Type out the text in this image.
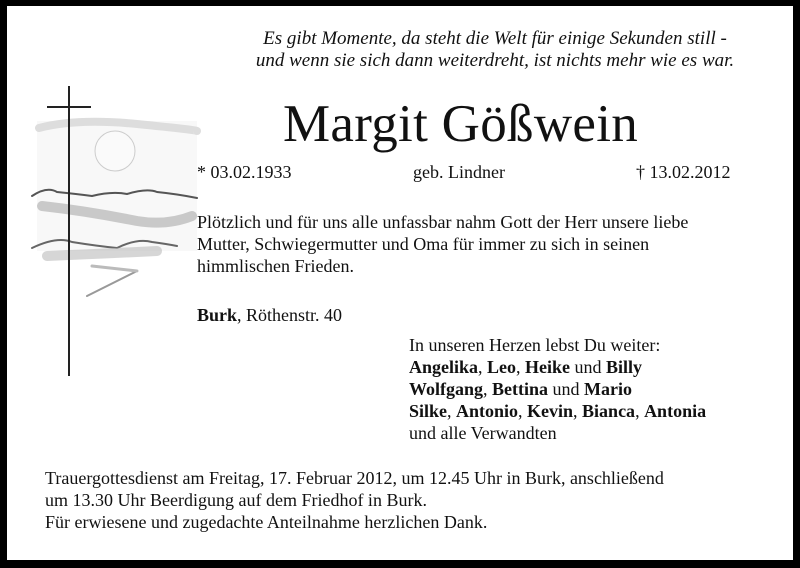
Es gibt Momente, da steht die Welt für einige Sekunden still -
und wenn sie sich dann weiterdreht, ist nichts mehr wie es war.
Margit Gößwein
* 03.02.1933	geb. Lindner	† 13.02.2012
Plötzlich und für uns alle unfassbar nahm Gott der Herr unsere liebe
Mutter, Schwiegermutter und Oma für immer zu sich in seinen
himmlischen Frieden.
Burk, Röthenstr. 40
In unseren Herzen lebst Du weiter:
Angelika, Leo, Heike und Billy
Wolfgang, Bettina und Mario
Silke, Antonio, Kevin, Bianca, Antonia
und alle Verwandten
Trauergottesdienst am Freitag, 17. Februar 2012, um 12.45 Uhr in Burk, anschließend
um 13.30 Uhr Beerdigung auf dem Friedhof in Burk.
Für erwiesene und zugedachte Anteilnahme herzlichen Dank.
